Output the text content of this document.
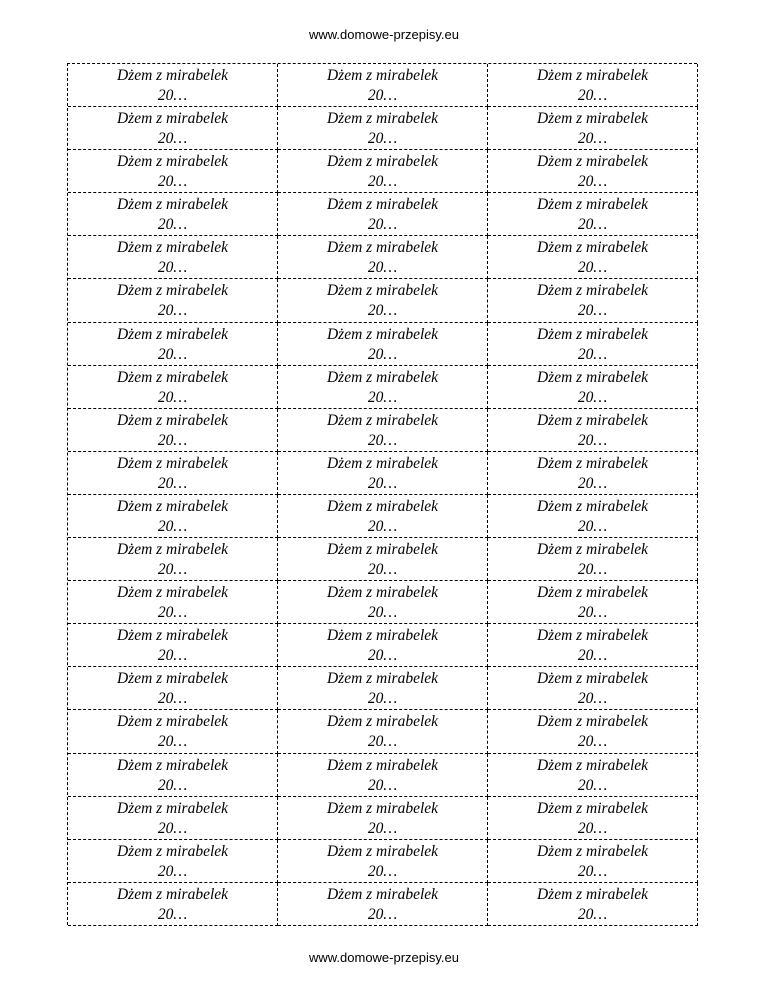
www.domowe-przepisy.eu
Dżem z mirabelek
20…
Dżem z mirabelek
20…
Dżem z mirabelek
20…
Dżem z mirabelek
20…
Dżem z mirabelek
20…
Dżem z mirabelek
20…
Dżem z mirabelek
20…
Dżem z mirabelek
20…
Dżem z mirabelek
20…
Dżem z mirabelek
20…
Dżem z mirabelek
20…
Dżem z mirabelek
20…
Dżem z mirabelek
20…
Dżem z mirabelek
20…
Dżem z mirabelek
20…
Dżem z mirabelek
20…
Dżem z mirabelek
20…
Dżem z mirabelek
20…
Dżem z mirabelek
20…
Dżem z mirabelek
20…
Dżem z mirabelek
20…
Dżem z mirabelek
20…
Dżem z mirabelek
20…
Dżem z mirabelek
20…
Dżem z mirabelek
20…
Dżem z mirabelek
20…
Dżem z mirabelek
20…
Dżem z mirabelek
20…
Dżem z mirabelek
20…
Dżem z mirabelek
20…
Dżem z mirabelek
20…
Dżem z mirabelek
20…
Dżem z mirabelek
20…
Dżem z mirabelek
20…
Dżem z mirabelek
20…
Dżem z mirabelek
20…
Dżem z mirabelek
20…
Dżem z mirabelek
20…
Dżem z mirabelek
20…
Dżem z mirabelek
20…
Dżem z mirabelek
20…
Dżem z mirabelek
20…
Dżem z mirabelek
20…
Dżem z mirabelek
20…
Dżem z mirabelek
20…
Dżem z mirabelek
20…
Dżem z mirabelek
20…
Dżem z mirabelek
20…
Dżem z mirabelek
20…
Dżem z mirabelek
20…
Dżem z mirabelek
20…
Dżem z mirabelek
20…
Dżem z mirabelek
20…
Dżem z mirabelek
20…
Dżem z mirabelek
20…
Dżem z mirabelek
20…
Dżem z mirabelek
20…
Dżem z mirabelek
20…
Dżem z mirabelek
20…
Dżem z mirabelek
20…
www.domowe-przepisy.eu
